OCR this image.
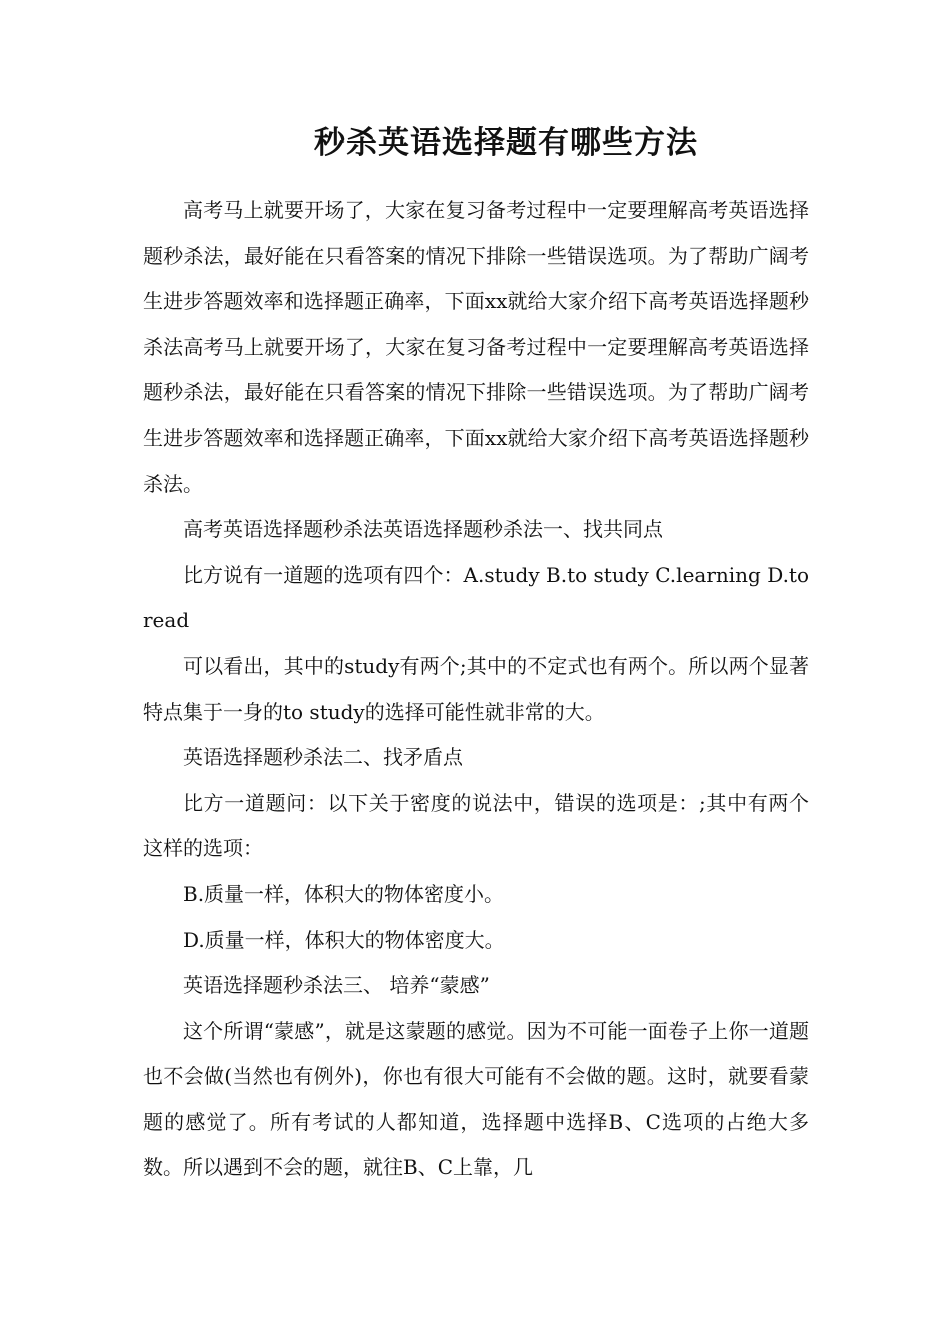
秒杀英语选择题有哪些方法

高考马上就要开场了，大家在复习备考过程中一定要理解高考英语选择题秒杀法，最好能在只看答案的情况下排除一些错误选项。为了帮助广阔考生进步答题效率和选择题正确率，下面xx就给大家介绍下高考英语选择题秒杀法高考马上就要开场了，大家在复习备考过程中一定要理解高考英语选择题秒杀法，最好能在只看答案的情况下排除一些错误选项。为了帮助广阔考生进步答题效率和选择题正确率，下面xx就给大家介绍下高考英语选择题秒杀法。

高考英语选择题秒杀法英语选择题秒杀法一、找共同点

比方说有一道题的选项有四个：A.study B.to study C.learning D.to read

可以看出，其中的study有两个;其中的不定式也有两个。所以两个显著特点集于一身的to study的选择可能性就非常的大。

英语选择题秒杀法二、找矛盾点

比方一道题问：以下关于密度的说法中，错误的选项是：;其中有两个这样的选项：

B.质量一样，体积大的物体密度小。

D.质量一样，体积大的物体密度大。

英语选择题秒杀法三、 培养“蒙感”

这个所谓“蒙感”，就是这蒙题的感觉。因为不可能一面卷子上你一道题也不会做(当然也有例外)，你也有很大可能有不会做的题。这时，就要看蒙题的感觉了。所有考试的人都知道，选择题中选择B、C选项的占绝大多数。所以遇到不会的题，就往B、C上靠，几
